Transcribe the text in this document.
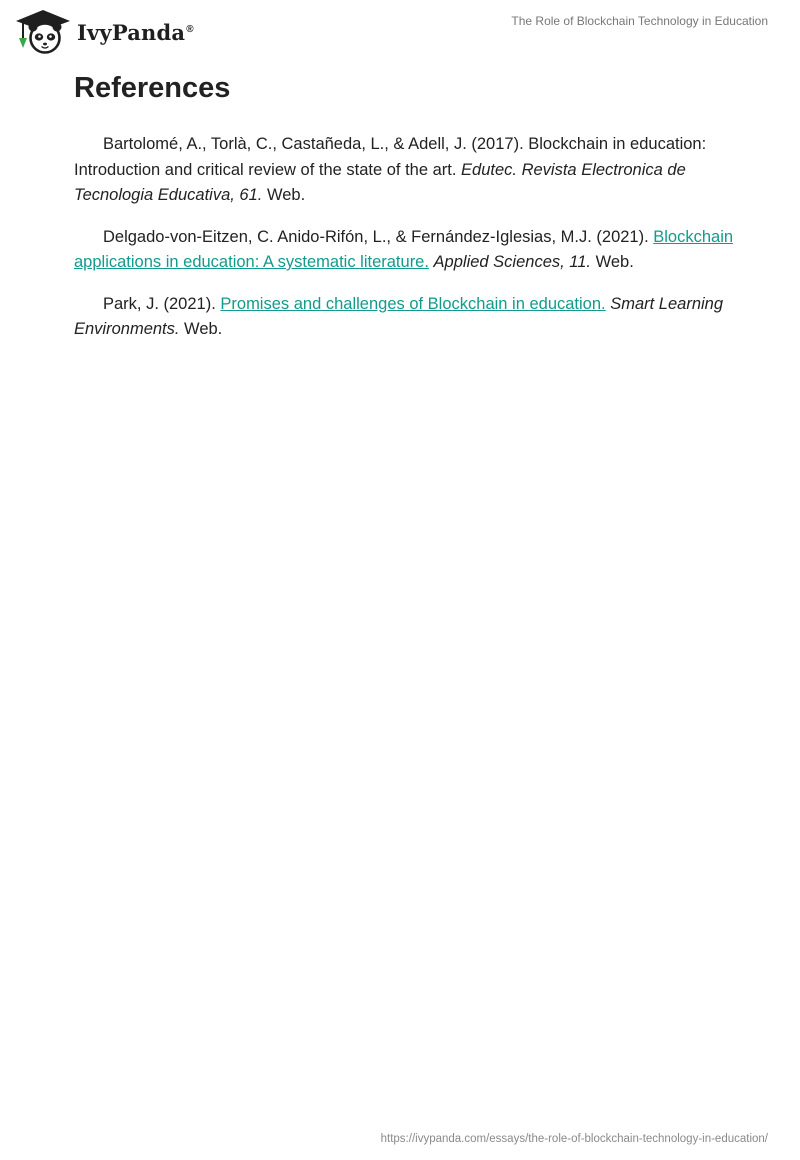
IvyPanda®
The Role of Blockchain Technology in Education
References

Bartolomé, A., Torlà, C., Castañeda, L., & Adell, J. (2017). Blockchain in education: Introduction and critical review of the state of the art. Edutec. Revista Electronica de Tecnologia Educativa, 61. Web.

Delgado-von-Eitzen, C. Anido-Rifón, L., & Fernández-Iglesias, M.J. (2021). Blockchain applications in education: A systematic literature. Applied Sciences, 11. Web.

Park, J. (2021). Promises and challenges of Blockchain in education. Smart Learning Environments. Web.

https://ivypanda.com/essays/the-role-of-blockchain-technology-in-education/
